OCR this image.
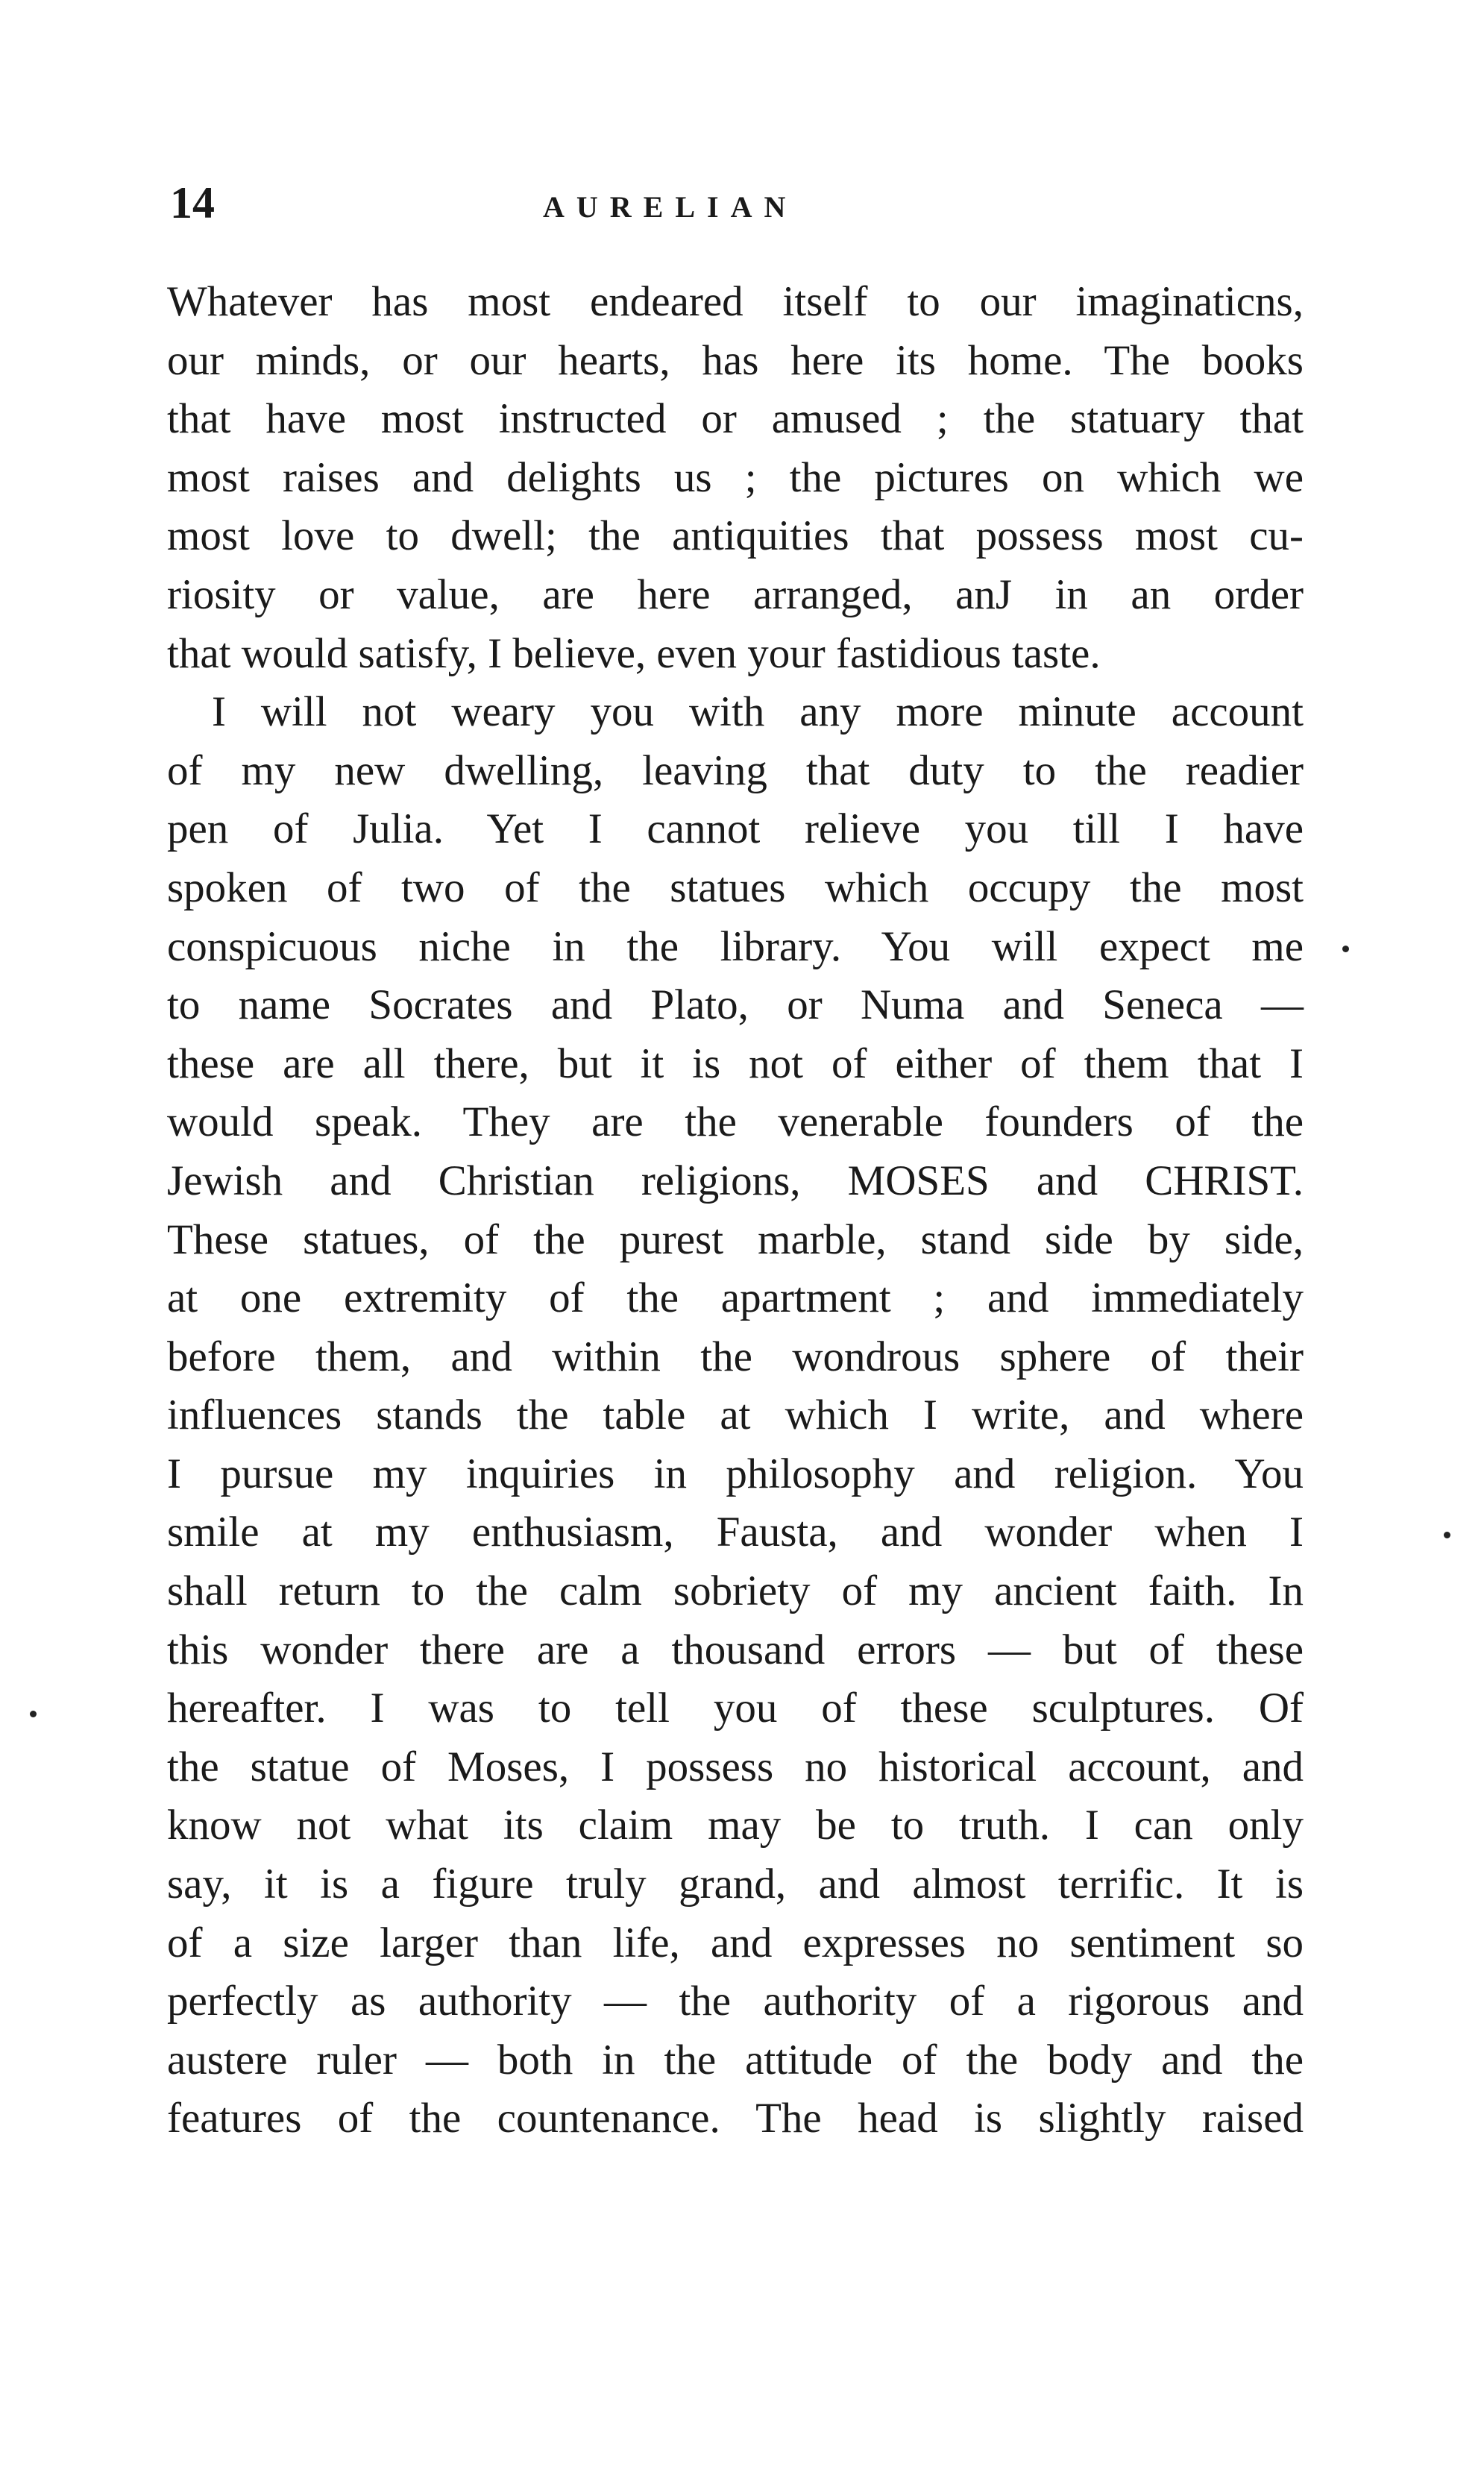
14	AURELIAN
Whatever has most endeared itself to our imaginaticns,
our minds, or our hearts, has here its home. The books
that have most instructed or amused ; the statuary that
most raises and delights us ; the pictures on which we
most love to dwell; the antiquities that possess most cu-
riosity or value, are here arranged, anJ in an order
that would satisfy, I believe, even your fastidious taste.
I will not weary you with any more minute account
of my new dwelling, leaving that duty to the readier
pen of Julia. Yet I cannot relieve you till I have
spoken of two of the statues which occupy the most
conspicuous niche in the library. You will expect me
to name Socrates and Plato, or Numa and Seneca —
these are all there, but it is not of either of them that I
would speak. They are the venerable founders of the
Jewish and Christian religions, MOSES and CHRIST.
These statues, of the purest marble, stand side by side,
at one extremity of the apartment ; and immediately
before them, and within the wondrous sphere of their
influences stands the table at which I write, and where
I pursue my inquiries in philosophy and religion. You
smile at my enthusiasm, Fausta, and wonder when I
shall return to the calm sobriety of my ancient faith. In
this wonder there are a thousand errors — but of these
hereafter. I was to tell you of these sculptures. Of
the statue of Moses, I possess no historical account, and
know not what its claim may be to truth. I can only
say, it is a figure truly grand, and almost terrific. It is
of a size larger than life, and expresses no sentiment so
perfectly as authority — the authority of a rigorous and
austere ruler — both in the attitude of the body and the
features of the countenance. The head is slightly raised
